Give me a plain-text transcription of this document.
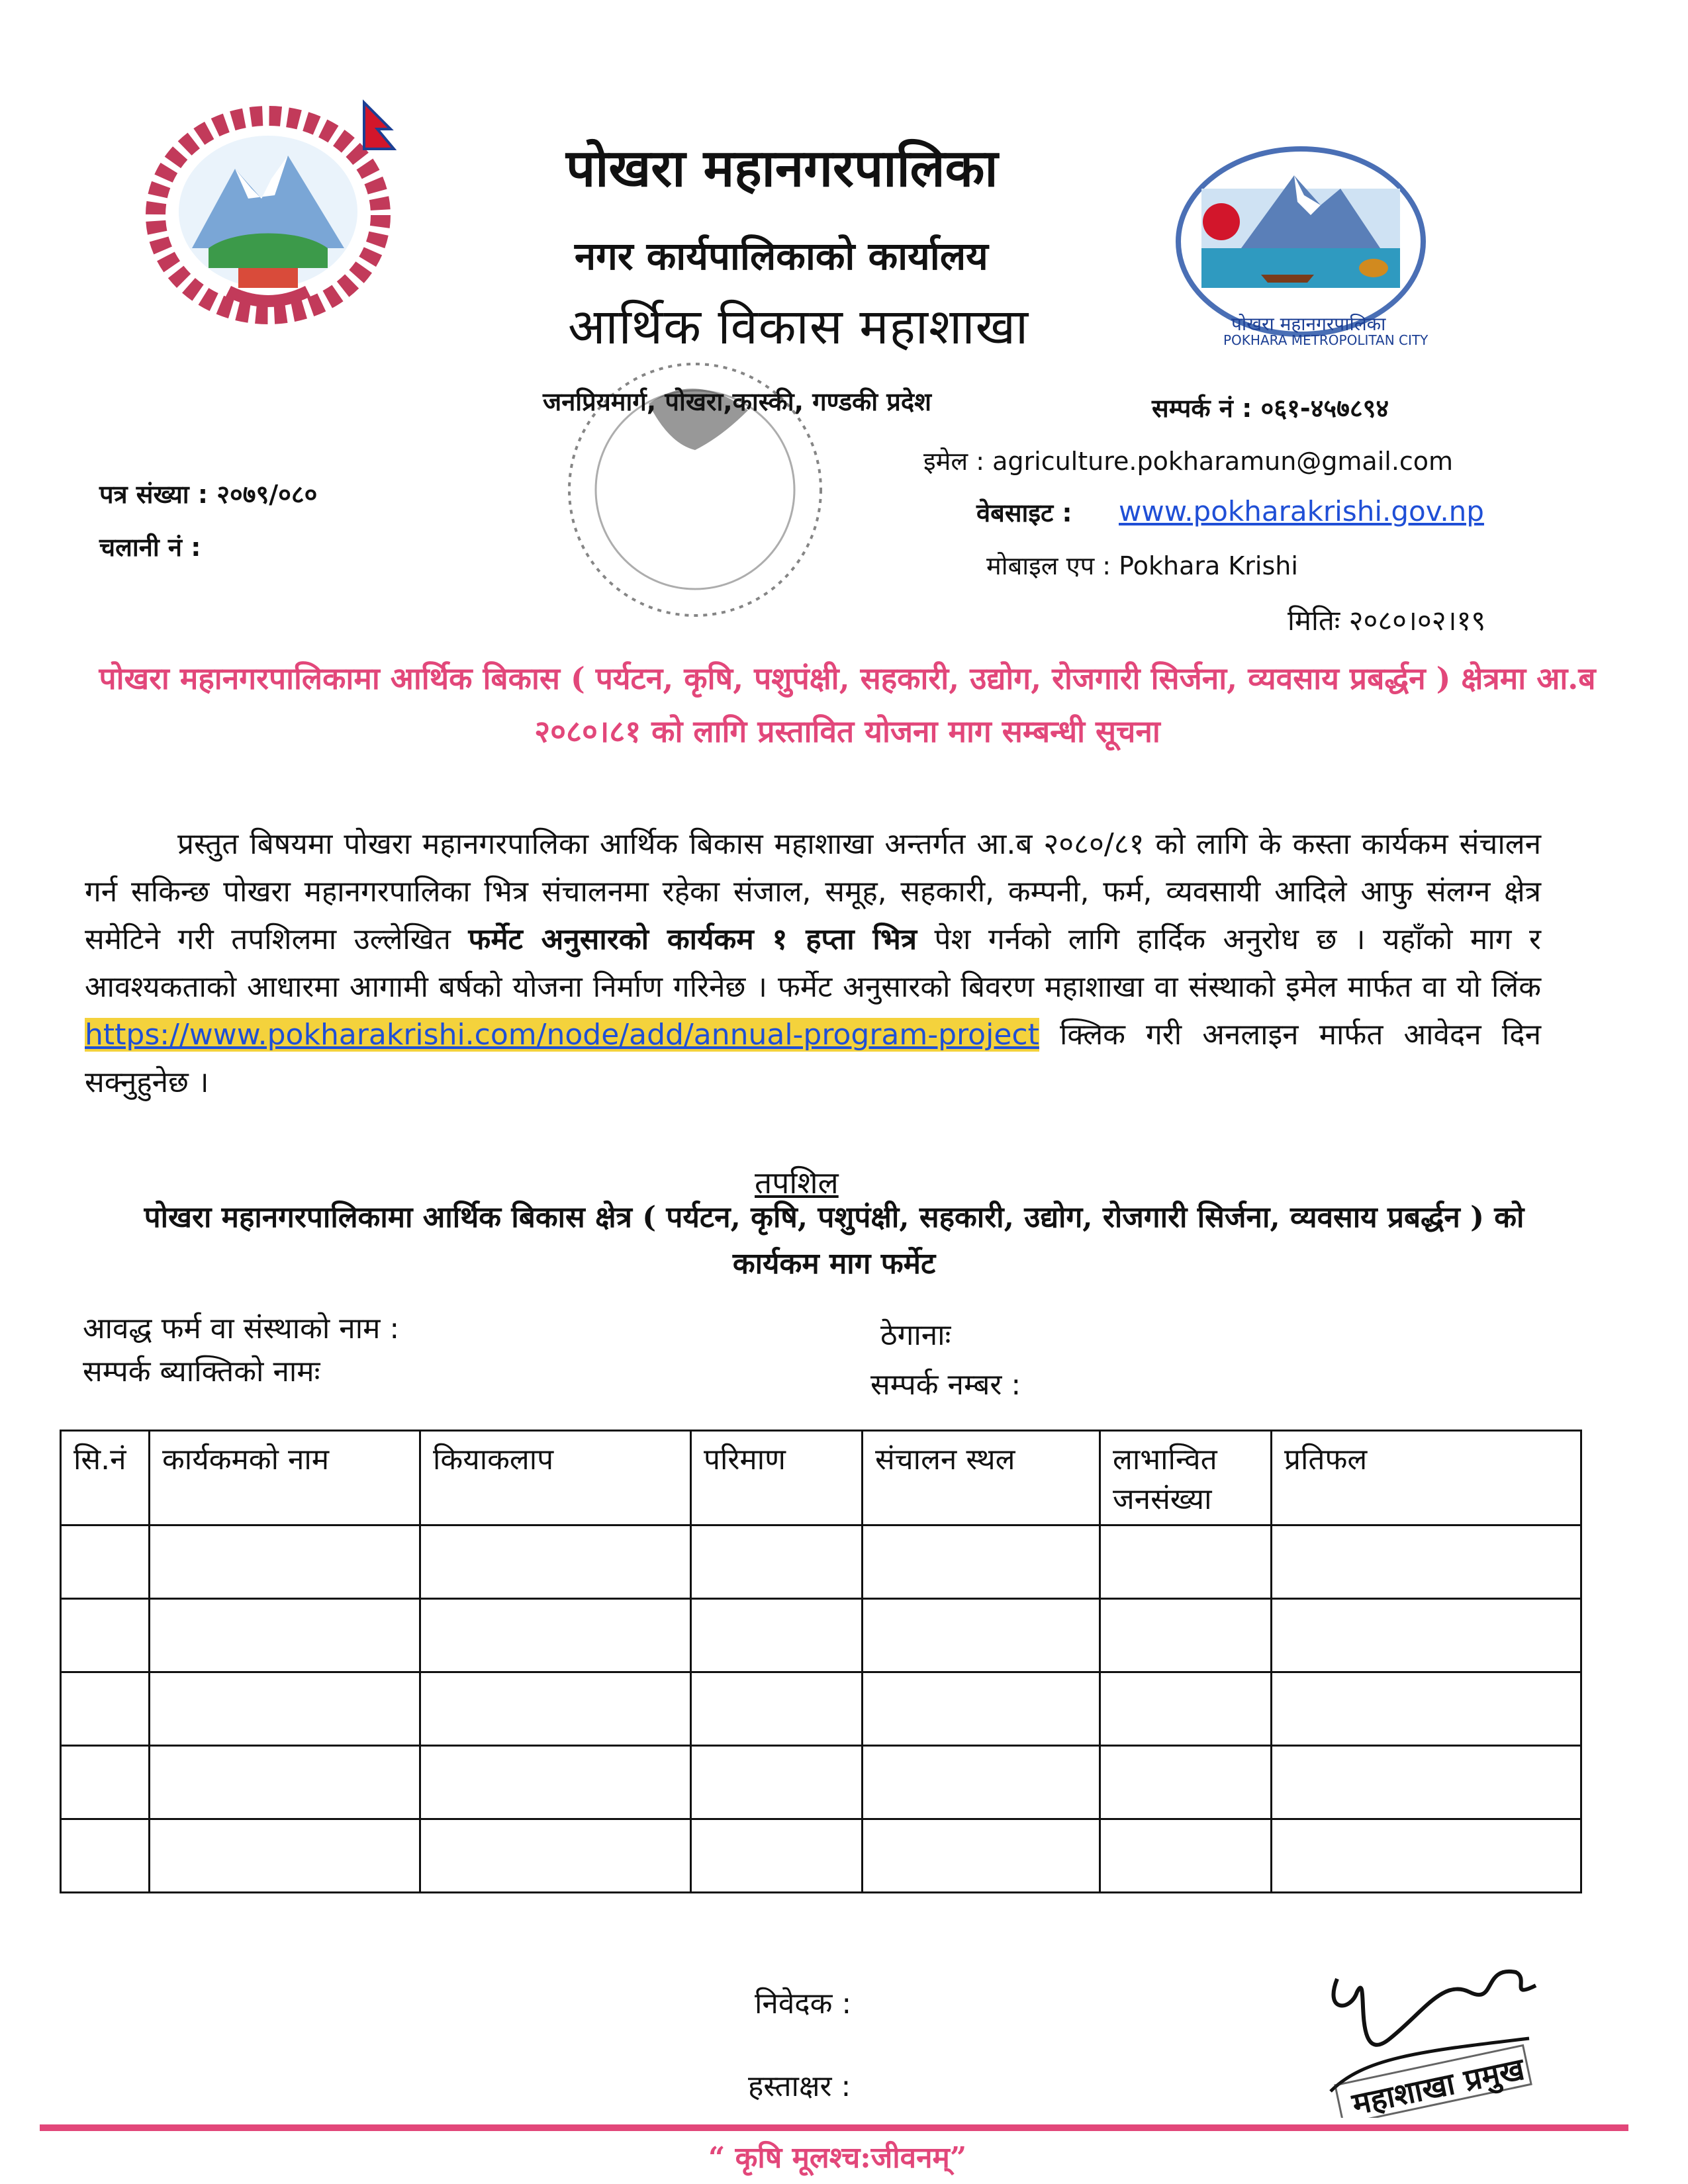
पोखरा महानगरपालिका
POKHARA METROPOLITAN CITY
पोखरा महानगरपालिका
नगर कार्यपालिकाको कार्यालय
आर्थिक विकास महाशाखा
जनप्रियमार्ग, पोखरा,कास्की, गण्डकी प्रदेश	सम्पर्क नं : ०६१-४५७८९४
इमेल : agriculture.pokharamun@gmail.com
वेबसाइट : www.pokharakrishi.gov.np
मोबाइल एप : Pokhara Krishi
मितिः २०८०।०२।१९
पत्र संख्या : २०७९/०८०
चलानी नं :
पोखरा महानगरपालिकामा आर्थिक बिकास ( पर्यटन, कृषि, पशुपंक्षी, सहकारी, उद्योग, रोजगारी सिर्जना, व्यवसाय प्रबर्द्धन ) क्षेत्रमा आ.ब २०८०।८१ को लागि प्रस्तावित योजना माग सम्बन्धी सूचना
प्रस्तुत बिषयमा पोखरा महानगरपालिका आर्थिक बिकास महाशाखा अन्तर्गत आ.ब २०८०/८१ को लागि के कस्ता कार्यकम संचालन गर्न सकिन्छ पोखरा महानगरपालिका भित्र संचालनमा रहेका संजाल, समूह, सहकारी, कम्पनी, फर्म, व्यवसायी आदिले आफु संलग्न क्षेत्र समेटिने गरी तपशिलमा उल्लेखित फर्मेट अनुसारको कार्यकम १ हप्ता भित्र पेश गर्नको लागि हार्दिक अनुरोध छ । यहाँको माग र आवश्यकताको आधारमा आगामी बर्षको योजना निर्माण गरिनेछ । फर्मेट अनुसारको बिवरण महाशाखा वा संस्थाको इमेल मार्फत वा यो लिंक https://www.pokharakrishi.com/node/add/annual-program-project क्लिक गरी अनलाइन मार्फत आवेदन दिन सक्नुहुनेछ ।
तपशिल
पोखरा महानगरपालिकामा आर्थिक बिकास क्षेत्र ( पर्यटन, कृषि, पशुपंक्षी, सहकारी, उद्योग, रोजगारी सिर्जना, व्यवसाय प्रबर्द्धन ) को कार्यकम माग फर्मेट
आवद्ध फर्म वा संस्थाको नाम :	ठेगानाः
सम्पर्क ब्याक्तिको नामः	सम्पर्क नम्बर :
सि.नं	कार्यकमको नाम	कियाकलाप	परिमाण	संचालन स्थल	लाभान्वित जनसंख्या	प्रतिफल

निवेदक :
हस्ताक्षर :	महाशाखा प्रमुख
“ कृषि मूलश्च:जीवनम्”
